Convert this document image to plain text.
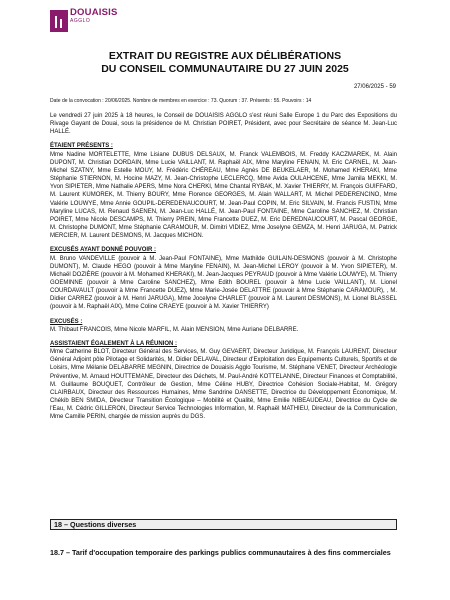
DOUAISIS
AGGLO
EXTRAIT DU REGISTRE AUX DÉLIBÉRATIONS
DU CONSEIL COMMUNAUTAIRE DU 27 JUIN 2025
27/06/2025 - 59
Date de la convocation : 20/06/2025. Nombre de membres en exercice : 73. Quorum : 37. Présents : 55. Pouvoirs : 14

Le vendredi 27 juin 2025 à 18 heures, le Conseil de DOUAISIS AGGLO s'est réuni Salle Europe 1 du Parc des Expositions du Rivage Gayant de Douai, sous la présidence de M. Christian POIRET, Président, avec pour Secrétaire de séance M. Jean-Luc HALLÉ.

ÉTAIENT PRÉSENTS :

Mme Nadine MORTELETTE, Mme Lisiane DUBUS DELSAUX, M. Franck VALEMBOIS, M. Freddy KACZMAREK, M. Alain DUPONT, M. Christian DORDAIN, Mme Lucie VAILLANT, M. Raphaël AIX, Mme Maryline FENAIN, M. Eric CARNEL, M. Jean-Michel SZATNY, Mme Estelle MOUY, M. Frédéric CHÉREAU, Mme Agnès DE BEUKELAER, M. Mohamed KHERAKI, Mme Stéphanie STIERNON, M. Hocine MAZY, M. Jean-Christophe LECLERCQ, Mme Avida OULAHCENE, Mme Jamila MEKKI, M. Yvon SIPIETER, Mme Nathalie APERS, Mme Nora CHERKI, Mme Chantal RYBAK, M. Xavier THIERRY, M. François GUIFFARD, M. Laurent KUMOREK, M. Thierry BOURY, Mme Florence GEORGES, M. Alain WALLART, M. Michel PEDERENCINO, Mme Valérie LOUWYE, Mme Annie GOUPIL-DEREDENAUCOURT, M. Jean-Paul COPIN, M. Eric SILVAIN, M. Francis FUSTIN, Mme Maryline LUCAS, M. Renaud SAENEN, M. Jean-Luc HALLÉ, M. Jean-Paul FONTAINE, Mme Caroline SANCHEZ, M. Christian POIRET, Mme Nicole DESCAMPS, M. Thierry PREIN, Mme Francette DUEZ, M. Eric DEREDNAUCOURT, M. Pascal GEORGE, M. Christophe DUMONT, Mme Stéphanie CARAMOUR, M. Dimitri VIDIEZ, Mme Joselyne GEMZA, M. Henri JARUGA, M. Patrick MERCIER, M. Laurent DESMONS, M. Jacques MICHON.

EXCUSÉS AYANT DONNÉ POUVOIR :

M. Bruno VANDEVILLE (pouvoir à M. Jean-Paul FONTAINE), Mme Mathilde GUILAIN-DESMONS (pouvoir à M. Christophe DUMONT), M. Claude HEGO (pouvoir à Mme Maryline FENAIN), M. Jean-Michel LEROY (pouvoir à M. Yvon SIPIETER), M. Michaël DOZIÈRE (pouvoir à M. Mohamed KHERAKI), M. Jean-Jacques PEYRAUD (pouvoir à Mme Valérie LOUWYE), M. Thierry GOEMINNE (pouvoir à Mme Caroline SANCHEZ), Mme Edith BOUREL (pouvoir à Mme Lucie VAILLANT), M. Lionel COURDAVAULT (pouvoir à Mme Francette DUEZ), Mme Marie-Josée DELATTRE (pouvoir à Mme Stéphanie CARAMOUR), , M. Didier CARREZ (pouvoir à M. Henri JARUGA), Mme Jocelyne CHARLET (pouvoir à M. Laurent DESMONS), M. Lionel BLASSEL (pouvoir à M. Raphaël AIX), Mme Coline CRAEYE (pouvoir à M. Xavier THIERRY)

EXCUSÉS :

M. Thibaut FRANCOIS, Mme Nicole MARFIL, M. Alain MENSION, Mme Auriane DELBARRE.

ASSISTAIENT ÉGALEMENT À LA RÉUNION :

Mme Catherine BLOT, Directeur Général des Services, M. Guy GEVAERT, Directeur Juridique, M. François LAURENT, Directeur Général Adjoint pôle Pilotage et Solidarités, M. Didier DELAVAL, Directeur d'Exploitation des Equipements Culturels, Sportifs et de Loisirs, Mme Mélanie DELABARRE MEGNIN, Directrice de Douaisis Agglo Tourisme, M. Stéphane VENET, Directeur Archéologie Préventive, M. Arnaud HOUTTEMANE, Directeur des Déchets, M. Paul-André KOTTELANNE, Directeur Finances et Comptabilité, M. Guillaume BOUQUET, Contrôleur de Gestion, Mme Céline HUBY, Directrice Cohésion Sociale-Habitat, M. Grégory CLAIRBAUX, Directeur des Ressources Humaines, Mme Sandrine DANSETTE, Directrice du Développement Économique, M. Chékib BEN SMIDA, Directeur Transition Écologique – Mobilité et Qualité, Mme Emilie NIBEAUDEAU, Directrice du Cycle de l'Eau, M. Cédric GILLERON, Directeur Service Technologies Information, M. Raphaël MATHIEU, Directeur de la Communication, Mme Camille PERIN, chargée de mission auprès du DGS.

18 – Questions diverses
18.7 – Tarif d'occupation temporaire des parkings publics communautaires à des fins commerciales
